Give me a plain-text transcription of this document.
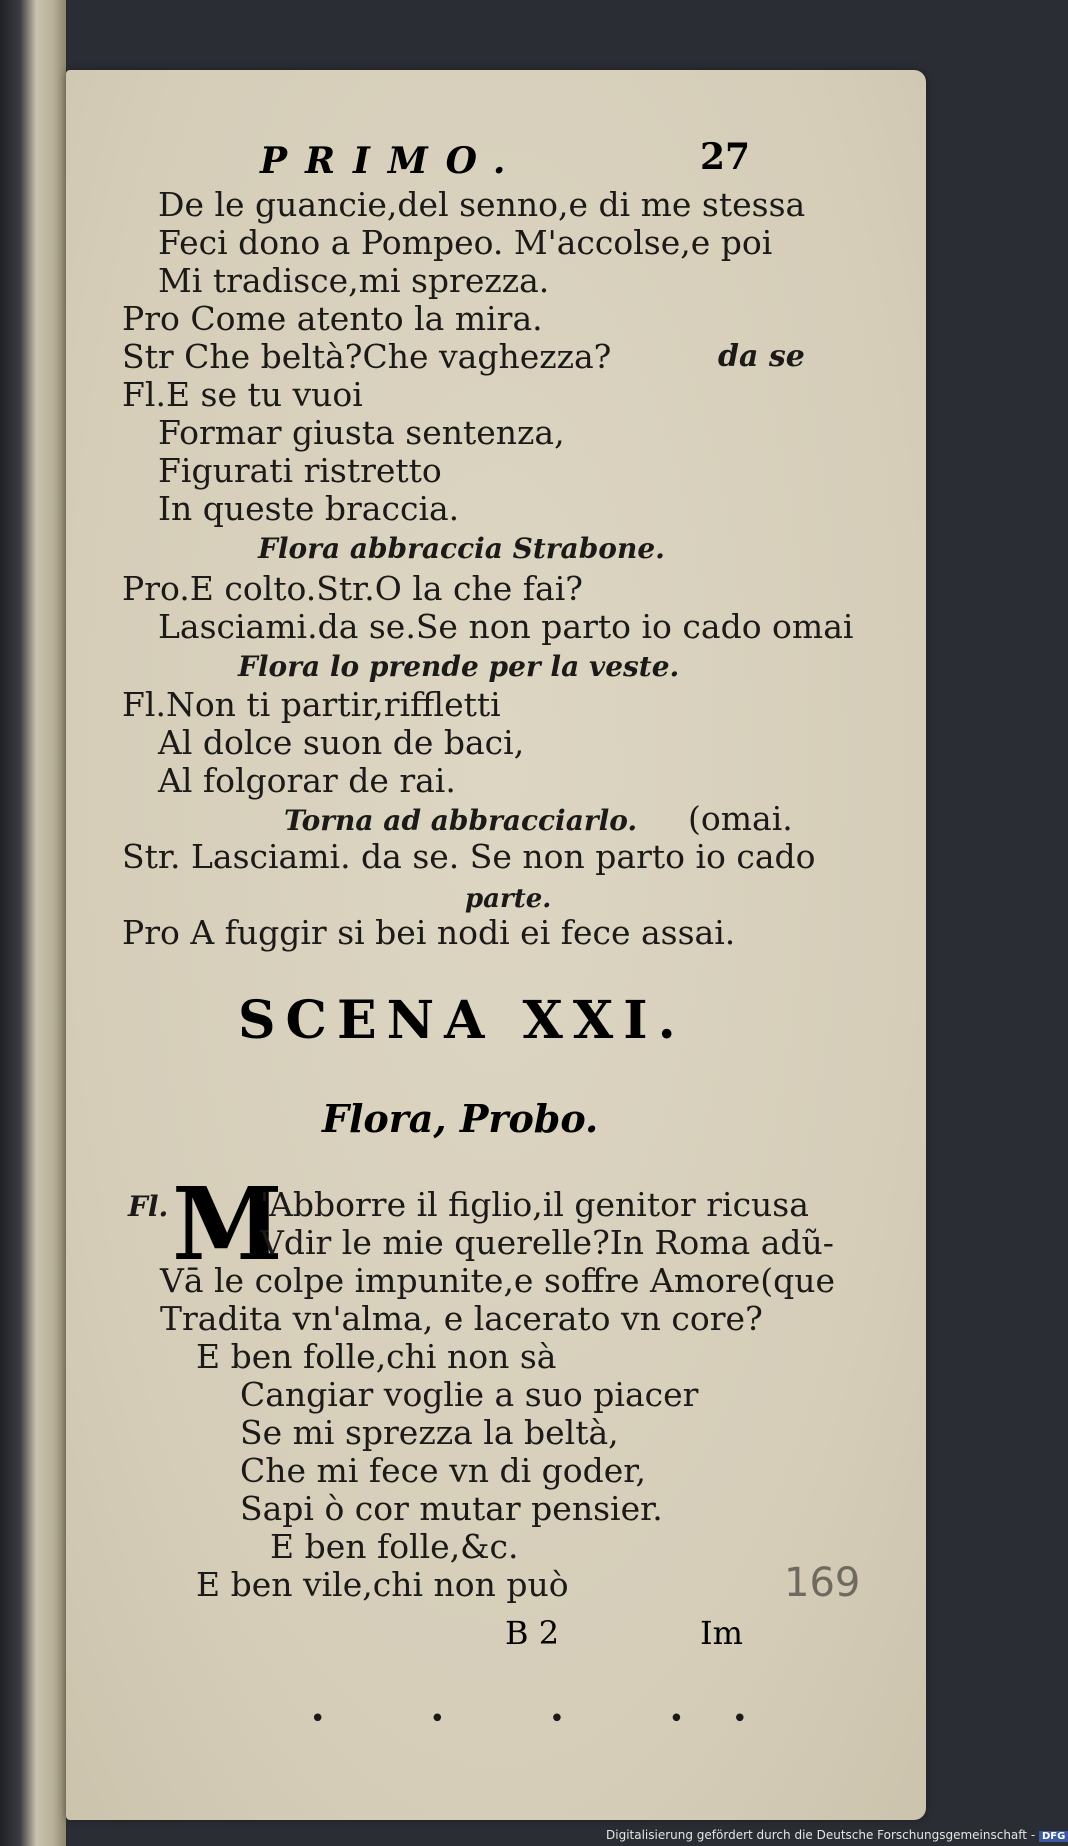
PRIMO.	27
De le guancie,del senno,e di me stessa
Feci dono a Pompeo. M'accolse,e poi
Mi tradisce,mi sprezza.
Pro Come atento la mira.
Str Che beltà?Che vaghezza?	da se
Fl.E se tu vuoi
Formar giusta sentenza,
Figurati ristretto
In queste braccia.
Flora abbraccia Strabone.
Pro.E colto.Str.O la che fai?
Lasciami.da se.Se non parto io cado omai
Flora lo prende per la veste.
Fl.Non ti partir,riffletti
Al dolce suon de baci,
Al folgorar de rai.
Torna ad abbracciarlo. (omai.
Str. Lasciami. da se. Se non parto io cado
parte.
Pro A fuggir si bei nodi ei fece assai.
SCENA XXI.
Flora, Probo.
Fl. M
'Abborre il figlio,il genitor ricusa
Vdir le mie querelle?In Roma adũ-
Vā le colpe impunite,e soffre Amore(que
Tradita vn'alma, e lacerato vn core?
E ben folle,chi non sà
Cangiar voglie a suo piacer
Se mi sprezza la beltà,
Che mi fece vn di goder,
Sapi ò cor mutar pensier.
E ben folle,&c.
E ben vile,chi non può	169
B 2	Im
• • • ••
Digitalisierung gefördert durch die Deutsche Forschungsgemeinschaft - DFG
